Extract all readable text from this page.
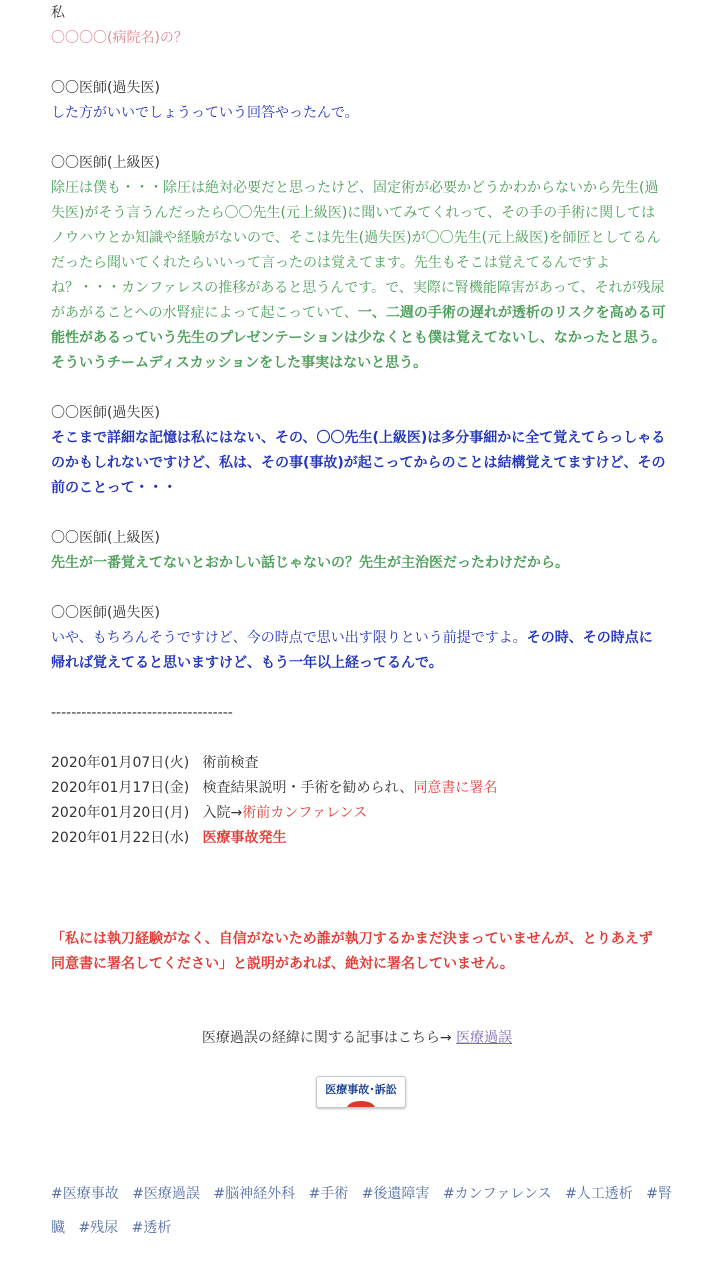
私

〇〇〇〇(病院名)の？

〇〇医師(過失医)

した方がいいでしょうっていう回答やったんで。

〇〇医師(上級医)

除圧は僕も・・・除圧は絶対必要だと思ったけど、固定術が必要かどうかわからないから先生(過失医)がそう言うんだったら〇〇先生(元上級医)に聞いてみてくれって、その手の手術に関してはノウハウとか知識や経験がないので、そこは先生(過失医)が〇〇先生(元上級医)を師匠としてるんだったら聞いてくれたらいいって言ったのは覚えてます。先生もそこは覚えてるんですよね？・・・カンファレスの推移があると思うんです。で、実際に腎機能障害があって、それが残尿があがることへの水腎症によって起こっていて、一、二週の手術の遅れが透析のリスクを高める可能性があるっていう先生のプレゼンテーションは少なくとも僕は覚えてないし、なかったと思う。そういうチームディスカッションをした事実はないと思う。

〇〇医師(過失医)

そこまで詳細な記憶は私にはない、その、〇〇先生(上級医)は多分事細かに全て覚えてらっしゃるのかもしれないですけど、私は、その事(事故)が起こってからのことは結構覚えてますけど、その前のことって・・・

〇〇医師(上級医)

先生が一番覚えてないとおかしい話じゃないの？先生が主治医だったわけだから。

〇〇医師(過失医)

いや、もちろんそうですけど、今の時点で思い出す限りという前提ですよ。その時、その時点に帰れば覚えてると思いますけど、もう一年以上経ってるんで。

------------------------------------

2020年01月07日(火) 術前検査

2020年01月17日(金) 検査結果説明・手術を勧められ、同意書に署名

2020年01月20日(月) 入院→術前カンファレンス

2020年01月22日(水) 医療事故発生

「私には執刀経験がなく、自信がないため誰が執刀するかまだ決まっていませんが、とりあえず同意書に署名してください」と説明があれば、絶対に署名していません。

医療過誤の経緯に関する記事はこちら→ 医療過誤
医療事故･訴訟
#医療事故 #医療過誤 #脳神経外科 #手術 #後遺障害 #カンファレンス #人工透析 #腎臓 #残尿 #透析
